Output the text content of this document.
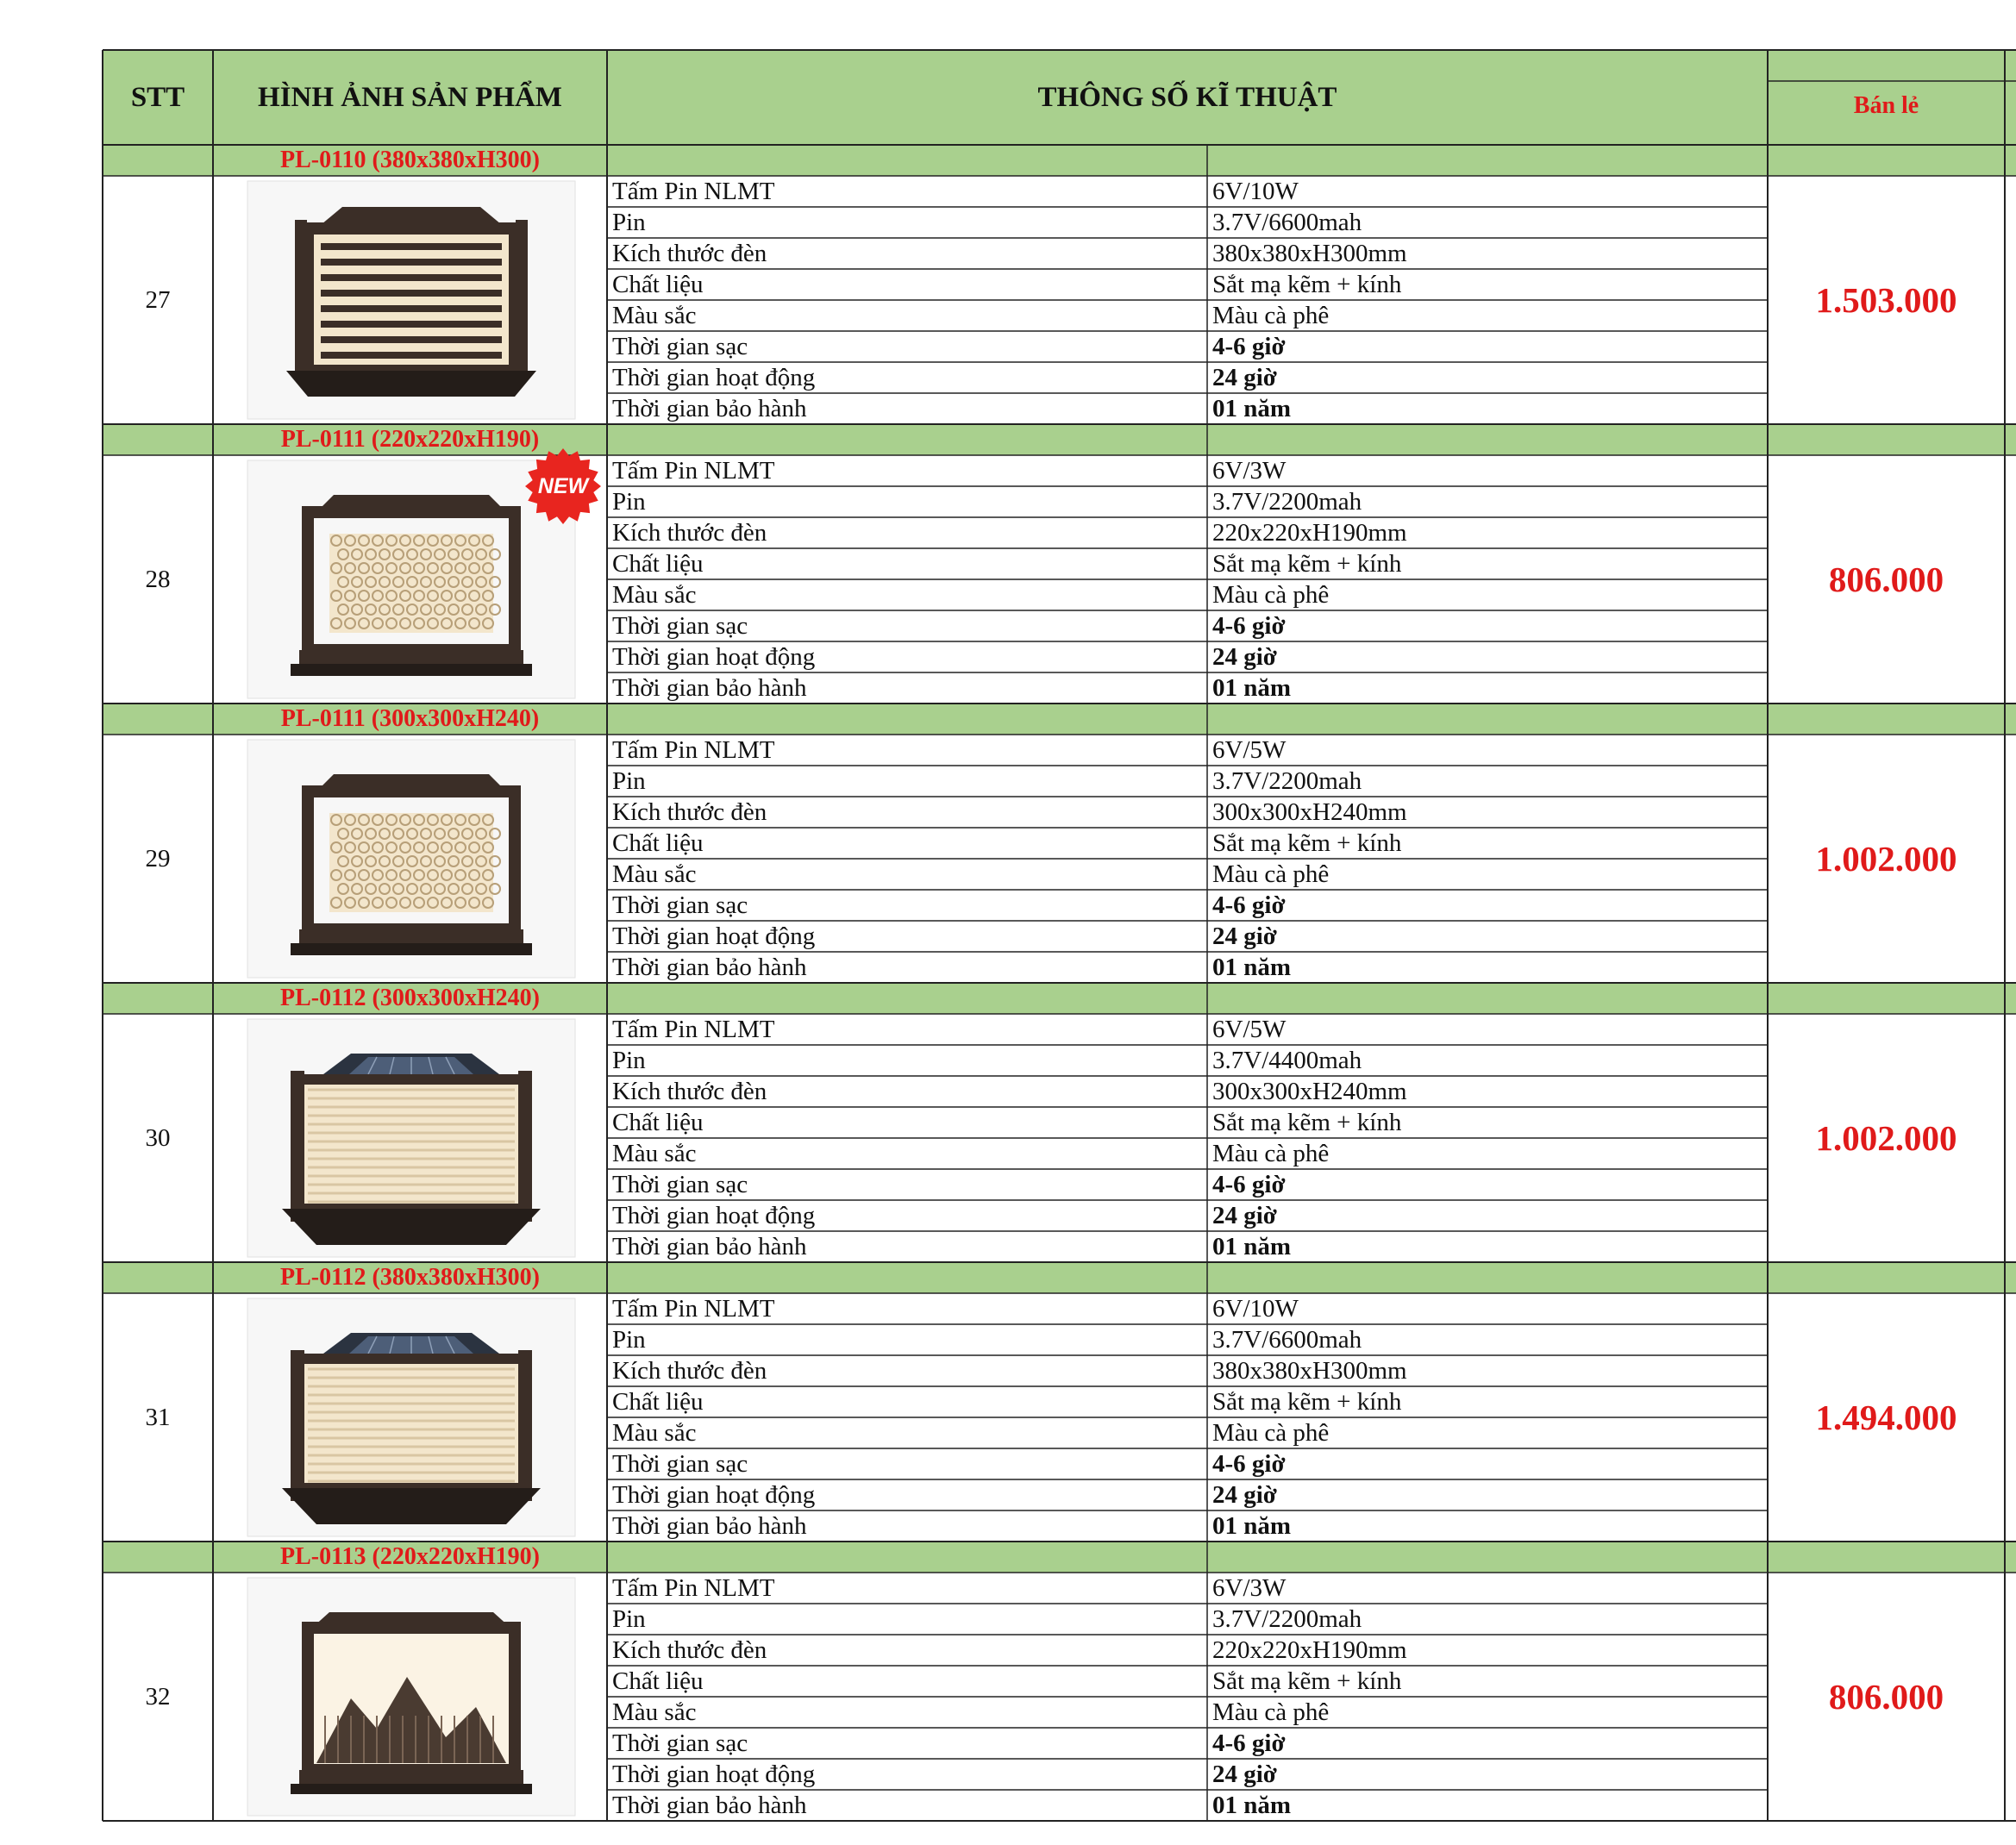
STT	HÌNH ẢNH SẢN PHẨM	THÔNG SỐ KĨ THUẬT	Bán lẻ
PL-0110 (380x380xH300)
27	1.503.000
Tấm Pin NLMT	6V/10W
Pin	3.7V/6600mah
Kích thước đèn	380x380xH300mm
Chất liệu	Sắt mạ kẽm + kính
Màu sắc	Màu cà phê
Thời gian sạc	4-6 giờ
Thời gian hoạt động	24 giờ
Thời gian bảo hành	01 năm
PL-0111 (220x220xH190)
28	806.000
Tấm Pin NLMT	6V/3W
Pin	3.7V/2200mah
Kích thước đèn	220x220xH190mm
Chất liệu	Sắt mạ kẽm + kính
Màu sắc	Màu cà phê
Thời gian sạc	4-6 giờ
Thời gian hoạt động	24 giờ
Thời gian bảo hành	01 năm
NEW
PL-0111 (300x300xH240)
29	1.002.000
Tấm Pin NLMT	6V/5W
Pin	3.7V/2200mah
Kích thước đèn	300x300xH240mm
Chất liệu	Sắt mạ kẽm + kính
Màu sắc	Màu cà phê
Thời gian sạc	4-6 giờ
Thời gian hoạt động	24 giờ
Thời gian bảo hành	01 năm
PL-0112 (300x300xH240)
30	1.002.000
Tấm Pin NLMT	6V/5W
Pin	3.7V/4400mah
Kích thước đèn	300x300xH240mm
Chất liệu	Sắt mạ kẽm + kính
Màu sắc	Màu cà phê
Thời gian sạc	4-6 giờ
Thời gian hoạt động	24 giờ
Thời gian bảo hành	01 năm
PL-0112 (380x380xH300)
31	1.494.000
Tấm Pin NLMT	6V/10W
Pin	3.7V/6600mah
Kích thước đèn	380x380xH300mm
Chất liệu	Sắt mạ kẽm + kính
Màu sắc	Màu cà phê
Thời gian sạc	4-6 giờ
Thời gian hoạt động	24 giờ
Thời gian bảo hành	01 năm
PL-0113 (220x220xH190)
32	806.000
Tấm Pin NLMT	6V/3W
Pin	3.7V/2200mah
Kích thước đèn	220x220xH190mm
Chất liệu	Sắt mạ kẽm + kính
Màu sắc	Màu cà phê
Thời gian sạc	4-6 giờ
Thời gian hoạt động	24 giờ
Thời gian bảo hành	01 năm
